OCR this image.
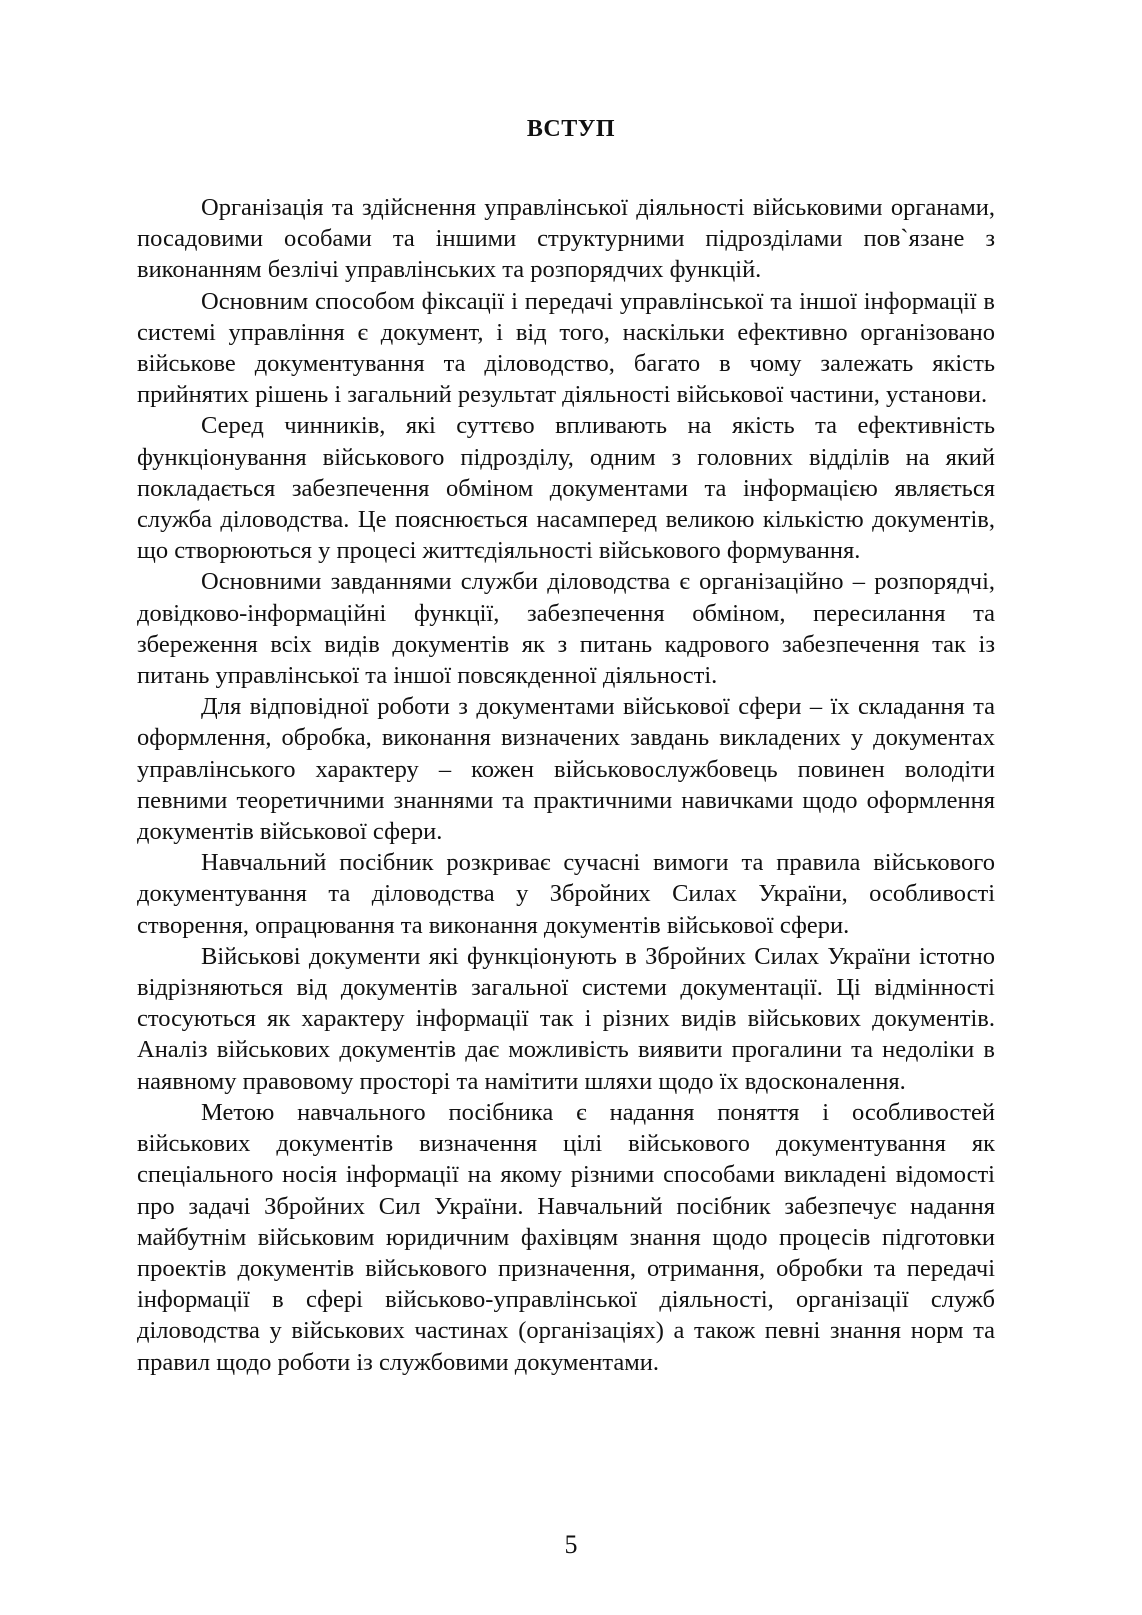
ВСТУП

Організація та здійснення управлінської діяльності військовими органами, посадовими особами та іншими структурними підрозділами пов`язане з виконанням безлічі управлінських та розпорядчих функцій.

Основним способом фіксації і передачі управлінської та іншої інформації в системі управління є документ, і від того, наскільки ефективно організовано військове документування та діловодство, багато в чому залежать якість прийнятих рішень і загальний результат діяльності військової частини, установи.

Серед чинників, які суттєво впливають на якість та ефективність функціонування військового підрозділу, одним з головних відділів на який покладається забезпечення обміном документами та інформацією являється служба діловодства. Це пояснюється насамперед великою кількістю документів, що створюються у процесі життєдіяльності військового формування.

Основними завданнями служби діловодства є організаційно – розпорядчі, довідково-інформаційні функції, забезпечення обміном, пересилання та збереження всіх видів документів як з питань кадрового забезпечення так із питань управлінської та іншої повсякденної діяльності.

Для відповідної роботи з документами військової сфери – їх складання та оформлення, обробка, виконання визначених завдань викладених у документах управлінського характеру – кожен військовослужбовець повинен володіти певними теоретичними знаннями та практичними навичками щодо оформлення документів військової сфери.

Навчальний посібник розкриває сучасні вимоги та правила військового документування та діловодства у Збройних Силах України, особливості створення, опрацювання та виконання документів військової сфери.

Військові документи які функціонують в Збройних Силах України істотно відрізняються від документів загальної системи документації. Ці відмінності стосуються як характеру інформації так і різних видів військових документів. Аналіз військових документів дає можливість виявити прогалини та недоліки в наявному правовому просторі та намітити шляхи щодо їх вдосконалення.

Метою навчального посібника є надання поняття і особливостей військових документів визначення цілі військового документування як спеціального носія інформації на якому різними способами викладені відомості про задачі Збройних Сил України. Навчальний посібник забезпечує надання майбутнім військовим юридичним фахівцям знання щодо процесів підготовки проектів документів військового призначення, отримання, обробки та передачі інформації в сфері військово-управлінської діяльності, організації служб діловодства у військових частинах (організаціях) а також певні знання норм та правил щодо роботи із службовими документами.

5
